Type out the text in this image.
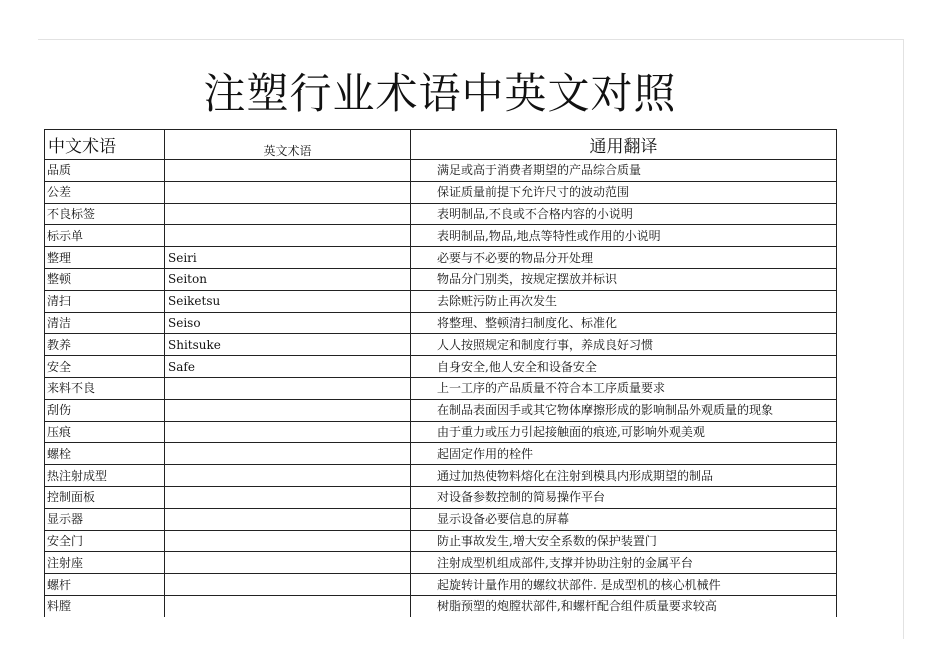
注塑行业术语中英文对照
中文术语	英文术语	通用翻译
品质		满足或高于消费者期望的产品综合质量
公差		保证质量前提下允许尺寸的波动范围
不良标签		表明制品,不良或不合格内容的小说明
标示单		表明制品,物品,地点等特性或作用的小说明
整理	Seiri	必要与不必要的物品分开处理
整顿	Seiton	物品分门别类，按规定摆放并标识
清扫	Seiketsu	去除赃污防止再次发生
清洁	Seiso	将整理、整顿清扫制度化、标准化
教养	Shitsuke	人人按照规定和制度行事，养成良好习惯
安全	Safe	自身安全,他人安全和设备安全
来料不良		上一工序的产品质量不符合本工序质量要求
刮伤		在制品表面因手或其它物体摩擦形成的影响制品外观质量的现象
压痕		由于重力或压力引起接触面的痕迹,可影响外观美观
螺栓		起固定作用的栓件
热注射成型		通过加热使物料熔化在注射到模具内形成期望的制品
控制面板		对设备参数控制的简易操作平台
显示器		显示设备必要信息的屏幕
安全门		防止事故发生,增大安全系数的保护装置门
注射座		注射成型机组成部件,支撑并协助注射的金属平台
螺杆		起旋转计量作用的螺纹状部件. 是成型机的核心机械件
料膛		树脂预塑的炮膛状部件,和螺杆配合组件质量要求较高
